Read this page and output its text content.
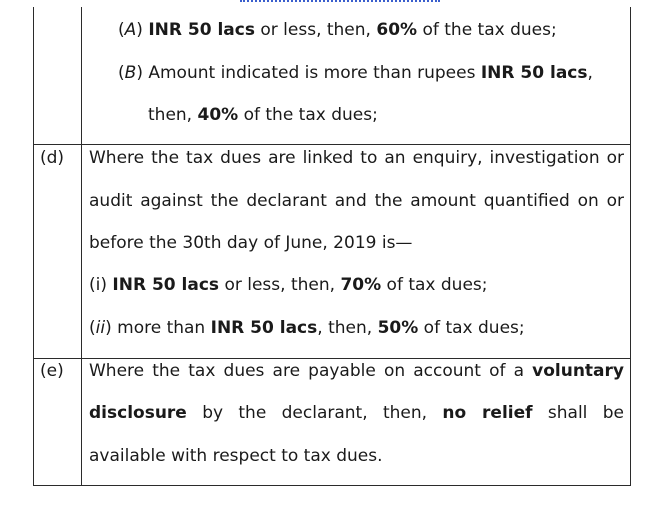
(A) INR 50 lacs or less, then, 60% of the tax dues;
(B) Amount indicated is more than rupees INR 50 lacs,
then, 40% of the tax dues;
(d) Where the tax dues are linked to an enquiry, investigation or
audit against the declarant and the amount quantified on or
before the 30th day of June, 2019 is—
(i) INR 50 lacs or less, then, 70% of tax dues;
(ii) more than INR 50 lacs, then, 50% of tax dues;
(e) Where the tax dues are payable on account of a voluntary
disclosure by the declarant, then, no relief shall be
available with respect to tax dues.
